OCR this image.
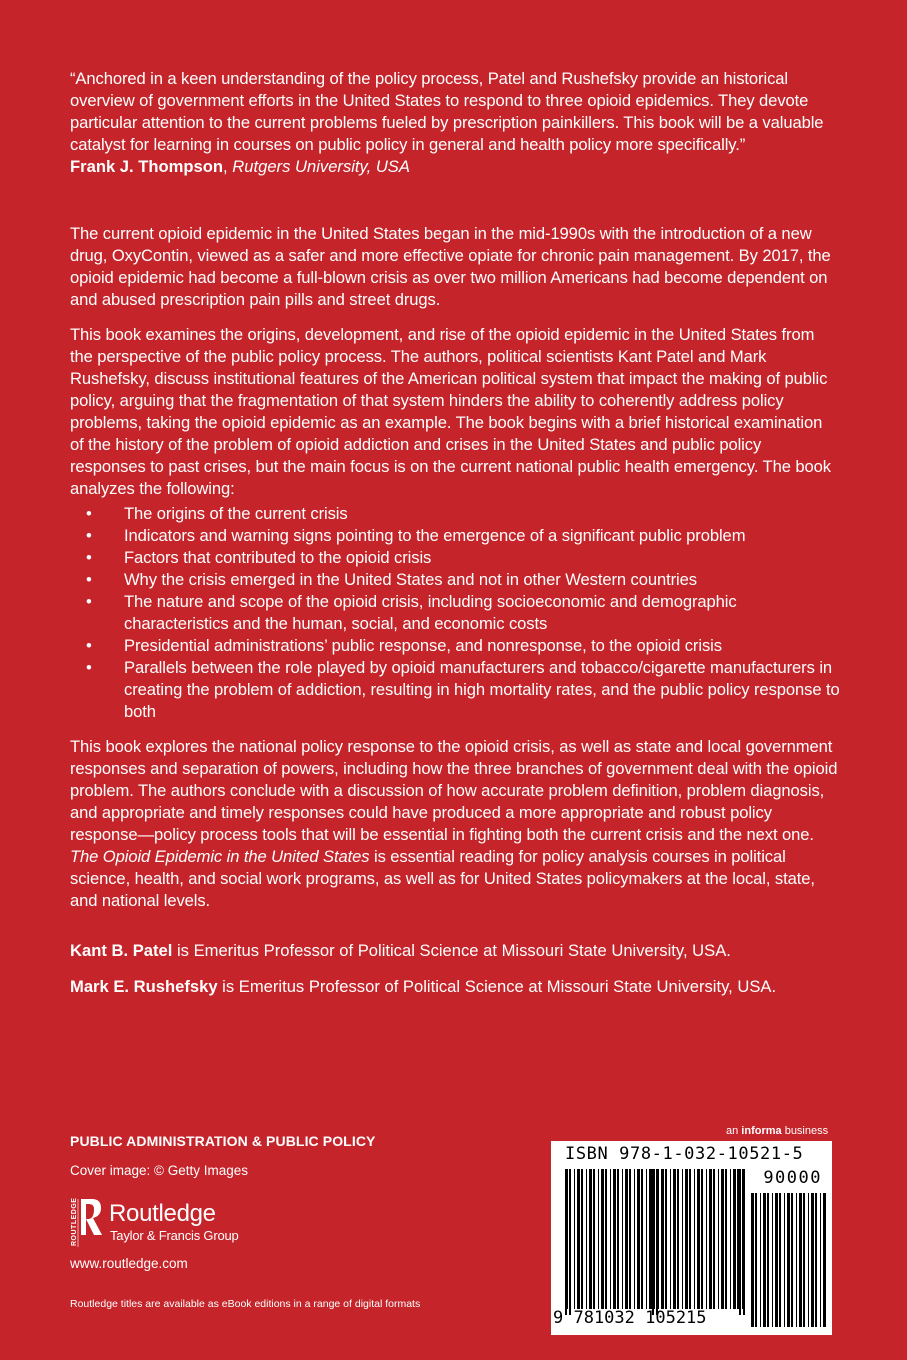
“Anchored in a keen understanding of the policy process, Patel and Rushefsky provide an historical overview of government efforts in the United States to respond to three opioid epidemics. They devote particular attention to the current problems fueled by prescription painkillers. This book will be a valuable catalyst for learning in courses on public policy in general and health policy more specifically.”
Frank J. Thompson, Rutgers University, USA

The current opioid epidemic in the United States began in the mid-1990s with the introduction of a new drug, OxyContin, viewed as a safer and more effective opiate for chronic pain management. By 2017, the opioid epidemic had become a full-blown crisis as over two million Americans had become dependent on and abused prescription pain pills and street drugs.

This book examines the origins, development, and rise of the opioid epidemic in the United States from the perspective of the public policy process. The authors, political scientists Kant Patel and Mark Rushefsky, discuss institutional features of the American political system that impact the making of public policy, arguing that the fragmentation of that system hinders the ability to coherently address policy problems, taking the opioid epidemic as an example. The book begins with a brief historical examination of the history of the problem of opioid addiction and crises in the United States and public policy responses to past crises, but the main focus is on the current national public health emergency. The book analyzes the following:

• The origins of the current crisis
• Indicators and warning signs pointing to the emergence of a significant public problem
• Factors that contributed to the opioid crisis
• Why the crisis emerged in the United States and not in other Western countries
• The nature and scope of the opioid crisis, including socioeconomic and demographic characteristics and the human, social, and economic costs
• Presidential administrations’ public response, and nonresponse, to the opioid crisis
• Parallels between the role played by opioid manufacturers and tobacco/cigarette manufacturers in creating the problem of addiction, resulting in high mortality rates, and the public policy response to both

This book explores the national policy response to the opioid crisis, as well as state and local government responses and separation of powers, including how the three branches of government deal with the opioid problem. The authors conclude with a discussion of how accurate problem definition, problem diagnosis, and appropriate and timely responses could have produced a more appropriate and robust policy response—policy process tools that will be essential in fighting both the current crisis and the next one. The Opioid Epidemic in the United States is essential reading for policy analysis courses in political science, health, and social work programs, as well as for United States policymakers at the local, state, and national levels.

Kant B. Patel is Emeritus Professor of Political Science at Missouri State University, USA.

Mark E. Rushefsky is Emeritus Professor of Political Science at Missouri State University, USA.

PUBLIC ADMINISTRATION & PUBLIC POLICY
Cover image: © Getty Images
ROUTLEDGE Routledge
Taylor & Francis Group
www.routledge.com
Routledge titles are available as eBook editions in a range of digital formats
an informa business
ISBN 978-1-032-10521-5
90000
9 781032 105215
